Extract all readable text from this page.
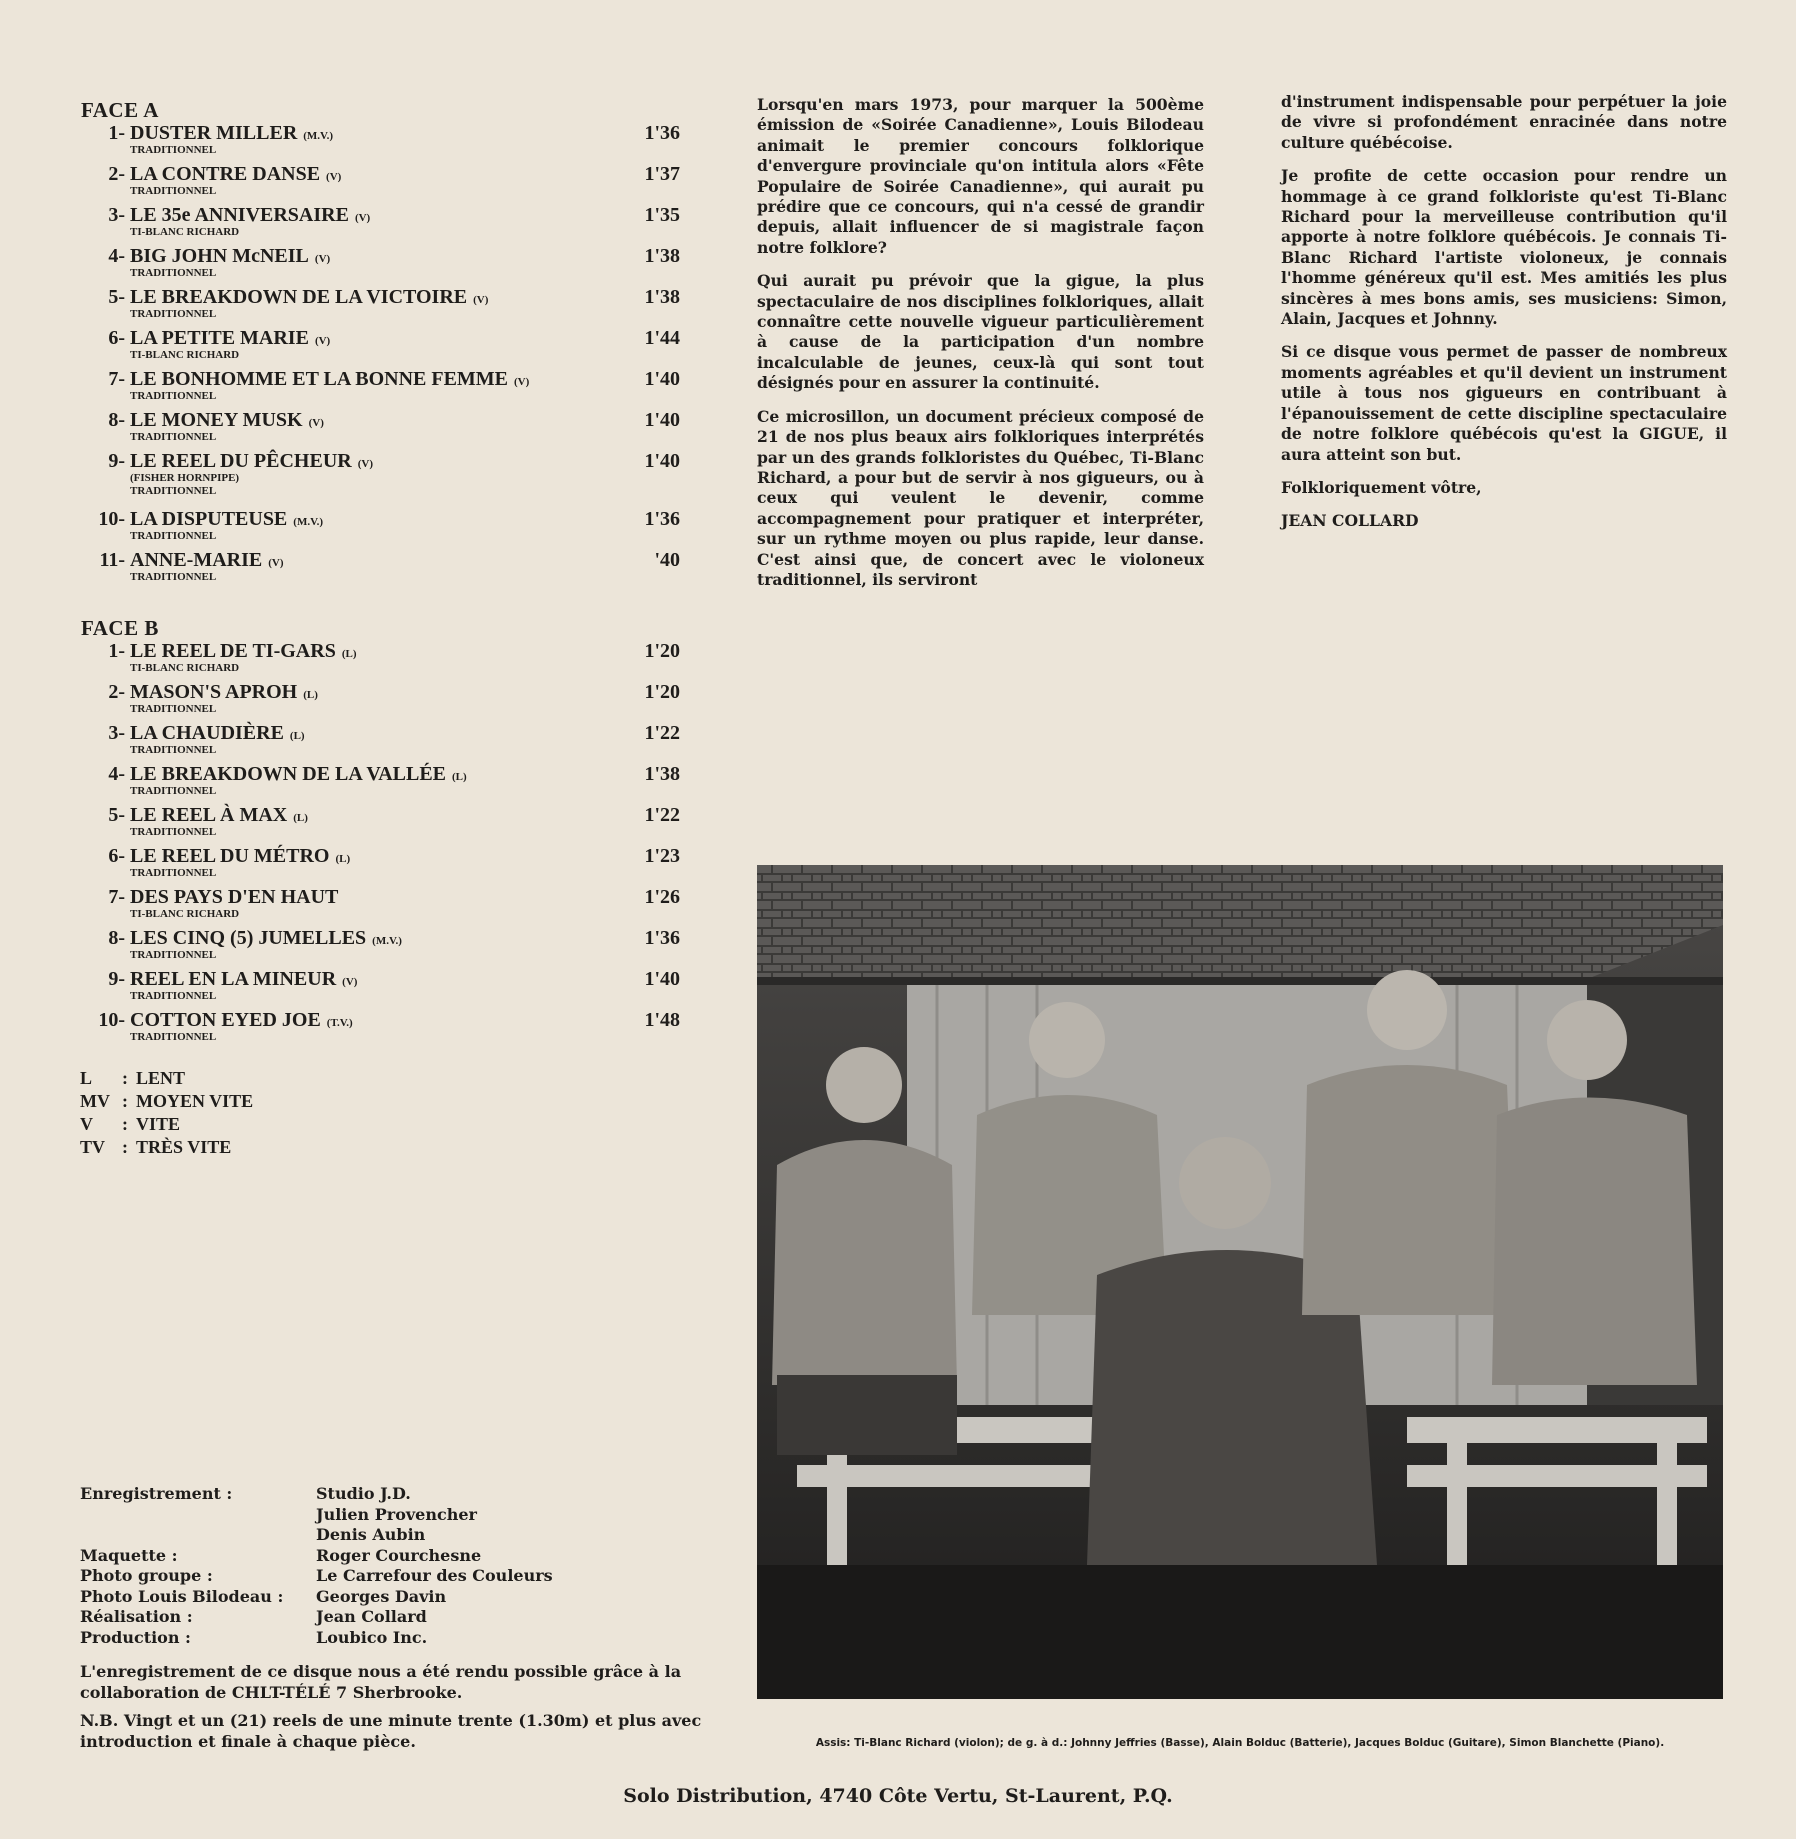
FACE A
1- DUSTER MILLER (M.V.)
TRADITIONNEL
1'36
2- LA CONTRE DANSE (V)
TRADITIONNEL
1'37
3- LE 35e ANNIVERSAIRE (V)
TI-BLANC RICHARD
1'35
4- BIG JOHN McNEIL (V)
TRADITIONNEL
1'38
5- LE BREAKDOWN DE LA VICTOIRE (V)
TRADITIONNEL
1'38
6- LA PETITE MARIE (V)
TI-BLANC RICHARD
1'44
7- LE BONHOMME ET LA BONNE FEMME (V)
TRADITIONNEL
1'40
8- LE MONEY MUSK (V)
TRADITIONNEL
1'40
9- LE REEL DU PÊCHEUR (V)
(FISHER HORNPIPE)
TRADITIONNEL
1'40
10- LA DISPUTEUSE (M.V.)
TRADITIONNEL
1'36
11- ANNE-MARIE (V)
TRADITIONNEL
'40
FACE B
1- LE REEL DE TI-GARS (L)
TI-BLANC RICHARD
1'20
2- MASON'S APROH (L)
TRADITIONNEL
1'20
3- LA CHAUDIÈRE (L)
TRADITIONNEL
1'22
4- LE BREAKDOWN DE LA VALLÉE (L)
TRADITIONNEL
1'38
5- LE REEL À MAX (L)
TRADITIONNEL
1'22
6- LE REEL DU MÉTRO (L)
TRADITIONNEL
1'23
7- DES PAYS D'EN HAUT
TI-BLANC RICHARD
1'26
8- LES CINQ (5) JUMELLES (M.V.)
TRADITIONNEL
1'36
9- REEL EN LA MINEUR (V)
TRADITIONNEL
1'40
10- COTTON EYED JOE (T.V.)
TRADITIONNEL
1'48
L : LENT
MV : MOYEN VITE
V : VITE
TV : TRÈS VITE

Lorsqu'en mars 1973, pour marquer la 500ème émission de «Soirée Canadienne», Louis Bilodeau animait le premier concours folklorique d'envergure provinciale qu'on intitula alors «Fête Populaire de Soirée Canadienne», qui aurait pu prédire que ce concours, qui n'a cessé de grandir depuis, allait influencer de si magistrale façon notre folklore?

Qui aurait pu prévoir que la gigue, la plus spectaculaire de nos disciplines folkloriques, allait connaître cette nouvelle vigueur particulièrement à cause de la participation d'un nombre incalculable de jeunes, ceux-là qui sont tout désignés pour en assurer la continuité.

Ce microsillon, un document précieux composé de 21 de nos plus beaux airs folkloriques interprétés par un des grands folkloristes du Québec, Ti-Blanc Richard, a pour but de servir à nos gigueurs, ou à ceux qui veulent le devenir, comme accompagnement pour pratiquer et interpréter, sur un rythme moyen ou plus rapide, leur danse. C'est ainsi que, de concert avec le violoneux traditionnel, ils serviront

d'instrument indispensable pour perpétuer la joie de vivre si profondément enracinée dans notre culture québécoise.

Je profite de cette occasion pour rendre un hommage à ce grand folkloriste qu'est Ti-Blanc Richard pour la merveilleuse contribution qu'il apporte à notre folklore québécois. Je connais Ti-Blanc Richard l'artiste violoneux, je connais l'homme généreux qu'il est. Mes amitiés les plus sincères à mes bons amis, ses musiciens: Simon, Alain, Jacques et Johnny.

Si ce disque vous permet de passer de nombreux moments agréables et qu'il devient un instrument utile à tous nos gigueurs en contribuant à l'épanouissement de cette discipline spectaculaire de notre folklore québécois qu'est la GIGUE, il aura atteint son but.

Folkloriquement vôtre,

JEAN COLLARD

Assis: Ti-Blanc Richard (violon); de g. à d.: Johnny Jeffries (Basse), Alain Bolduc (Batterie), Jacques Bolduc (Guitare), Simon Blanchette (Piano).
Enregistrement :	Studio J.D.
Julien Provencher
Denis Aubin
Maquette :	Roger Courchesne
Photo groupe :	Le Carrefour des Couleurs
Photo Louis Bilodeau : Georges Davin
Réalisation :	Jean Collard
Production :	Loubico Inc.
L'enregistrement de ce disque nous a été rendu possible grâce à la collaboration de CHLT-TÉLÉ 7 Sherbrooke.
N.B. Vingt et un (21) reels de une minute trente (1.30m) et plus avec introduction et finale à chaque pièce.
Solo Distribution, 4740 Côte Vertu, St-Laurent, P.Q.
